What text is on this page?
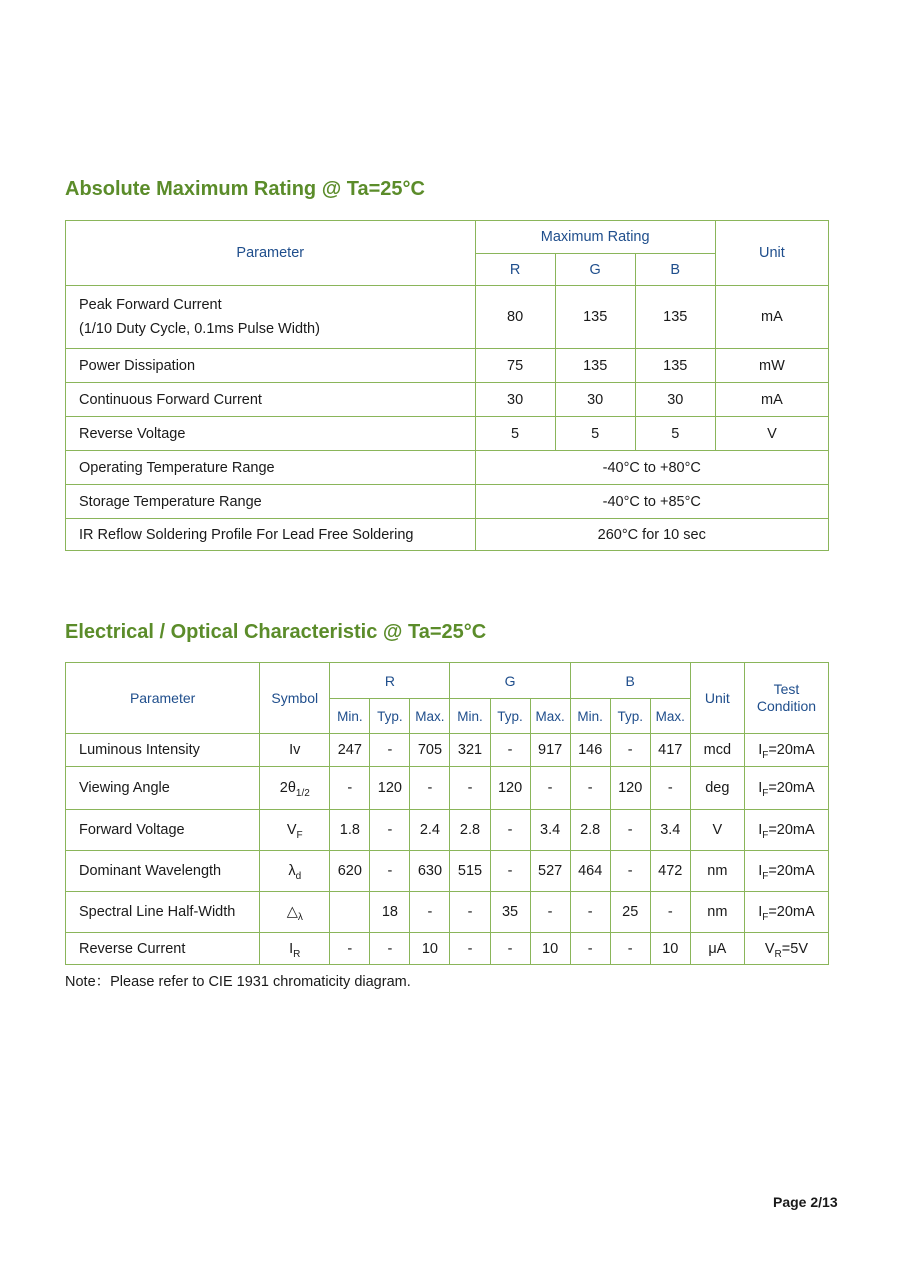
Absolute Maximum Rating @ Ta=25°C
Parameter	Maximum Rating			Unit
	R	G	B	

Peak Forward Current
(1/10 Duty Cycle, 0.1ms Pulse Width)	80	135	135	mA
Power Dissipation	75	135	135	mW
Continuous Forward Current	30	30	30	mA
Reverse Voltage	5	5	5	V
Operating Temperature Range	-40°C to +80°C			
Storage Temperature Range	-40°C to +85°C			
IR Reflow Soldering Profile For Lead Free Soldering	260°C for 10 sec			
Electrical / Optical Characteristic @ Ta=25°C
Parameter	Symbol	R			G			B			Unit	Test
Condition

		Min.	Typ.	Max.	Min.	Typ.	Max.	Min.	Typ.	Max.		
Luminous Intensity	Iv	247	-	705	321	-	917	146	-	417	mcd	$I_F=20mA$
Viewing Angle	$2\theta_{1/2}$	-	120	-	-	120	-	-	120	-	deg	$I_F=20mA$
Forward Voltage	$V_F$	1.8	-	2.4	2.8	-	3.4	2.8	-	3.4	V	$I_F=20mA$
Dominant Wavelength	$\lambda_d$	620	-	630	515	-	527	464	-	472	nm	$I_F=20mA$
Spectral Line Half-Width	$\triangle_\lambda$		18	-	-	35	-	-	25	-	nm	$I_F=20mA$
Reverse Current	$I_R$	-	-	10	-	-	10	-	-	10	μA	$V_R=5V$

Note：Please refer to CIE 1931 chromaticity diagram.

Page 2/13
